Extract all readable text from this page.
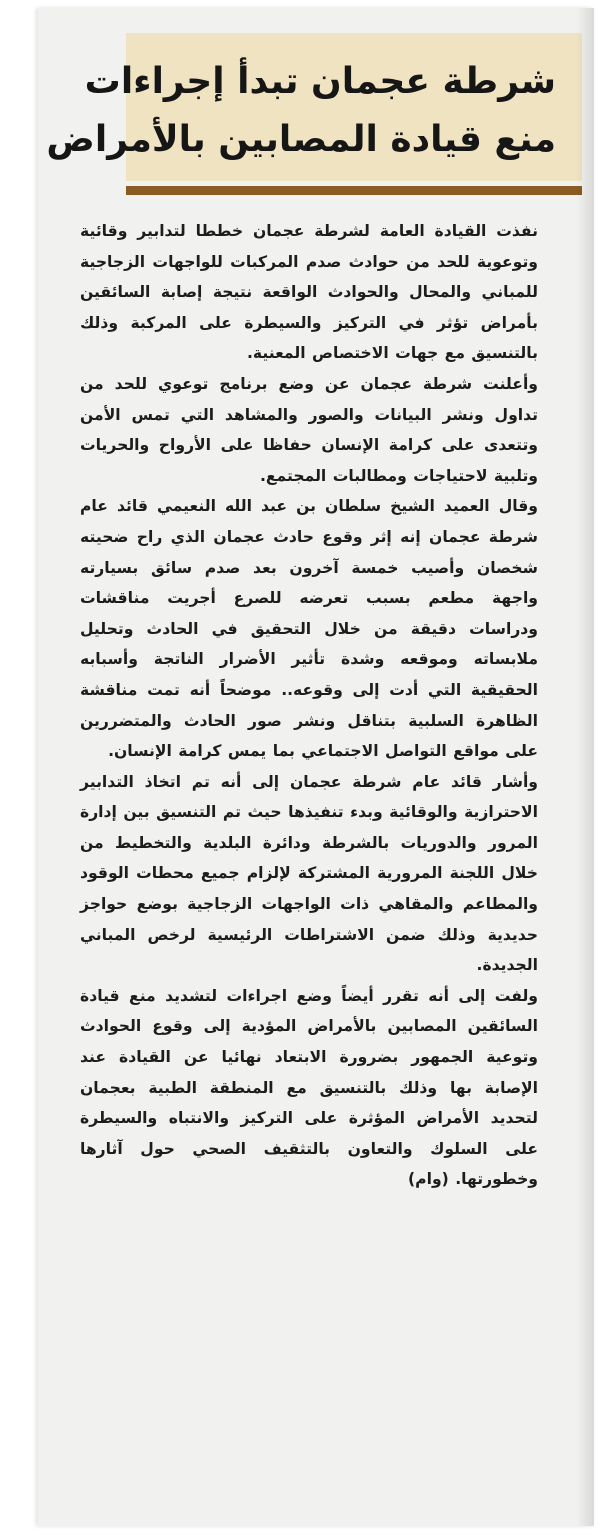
شرطة عجمان تبدأ إجراءات
منع قيادة المصابين بالأمراض

نفذت القيادة العامة لشرطة عجمان خططا لتدابير وقائية وتوعوية للحد من حوادث صدم المركبات للواجهات الزجاجية للمباني والمحال والحوادث الواقعة نتيجة إصابة السائقين بأمراض تؤثر في التركيز والسيطرة على المركبة وذلك بالتنسيق مع جهات الاختصاص المعنية.

وأعلنت شرطة عجمان عن وضع برنامج توعوي للحد من تداول ونشر البيانات والصور والمشاهد التي تمس الأمن وتتعدى على كرامة الإنسان حفاظا على الأرواح والحريات وتلبية لاحتياجات ومطالبات المجتمع.

وقال العميد الشيخ سلطان بن عبد الله النعيمي قائد عام شرطة عجمان إنه إثر وقوع حادث عجمان الذي راح ضحيته شخصان وأصيب خمسة آخرون بعد صدم سائق بسيارته واجهة مطعم بسبب تعرضه للصرع أجريت مناقشات ودراسات دقيقة من خلال التحقيق في الحادث وتحليل ملابساته وموقعه وشدة تأثير الأضرار الناتجة وأسبابه الحقيقية التي أدت إلى وقوعه.. موضحاً أنه تمت مناقشة الظاهرة السلبية بتناقل ونشر صور الحادث والمتضررين على مواقع التواصل الاجتماعي بما يمس كرامة الإنسان.

وأشار قائد عام شرطة عجمان إلى أنه تم اتخاذ التدابير الاحترازية والوقائية وبدء تنفيذها حيث تم التنسيق بين إدارة المرور والدوريات بالشرطة ودائرة البلدية والتخطيط من خلال اللجنة المرورية المشتركة لإلزام جميع محطات الوقود والمطاعم والمقاهي ذات الواجهات الزجاجية بوضع حواجز حديدية وذلك ضمن الاشتراطات الرئيسية لرخص المباني الجديدة.

ولفت إلى أنه تقرر أيضاً وضع اجراءات لتشديد منع قيادة السائقين المصابين بالأمراض المؤدية إلى وقوع الحوادث وتوعية الجمهور بضرورة الابتعاد نهائيا عن القيادة عند الإصابة بها وذلك بالتنسيق مع المنطقة الطبية بعجمان لتحديد الأمراض المؤثرة على التركيز والانتباه والسيطرة على السلوك والتعاون بالتثقيف الصحي حول آثارها وخطورتها. (وام)
